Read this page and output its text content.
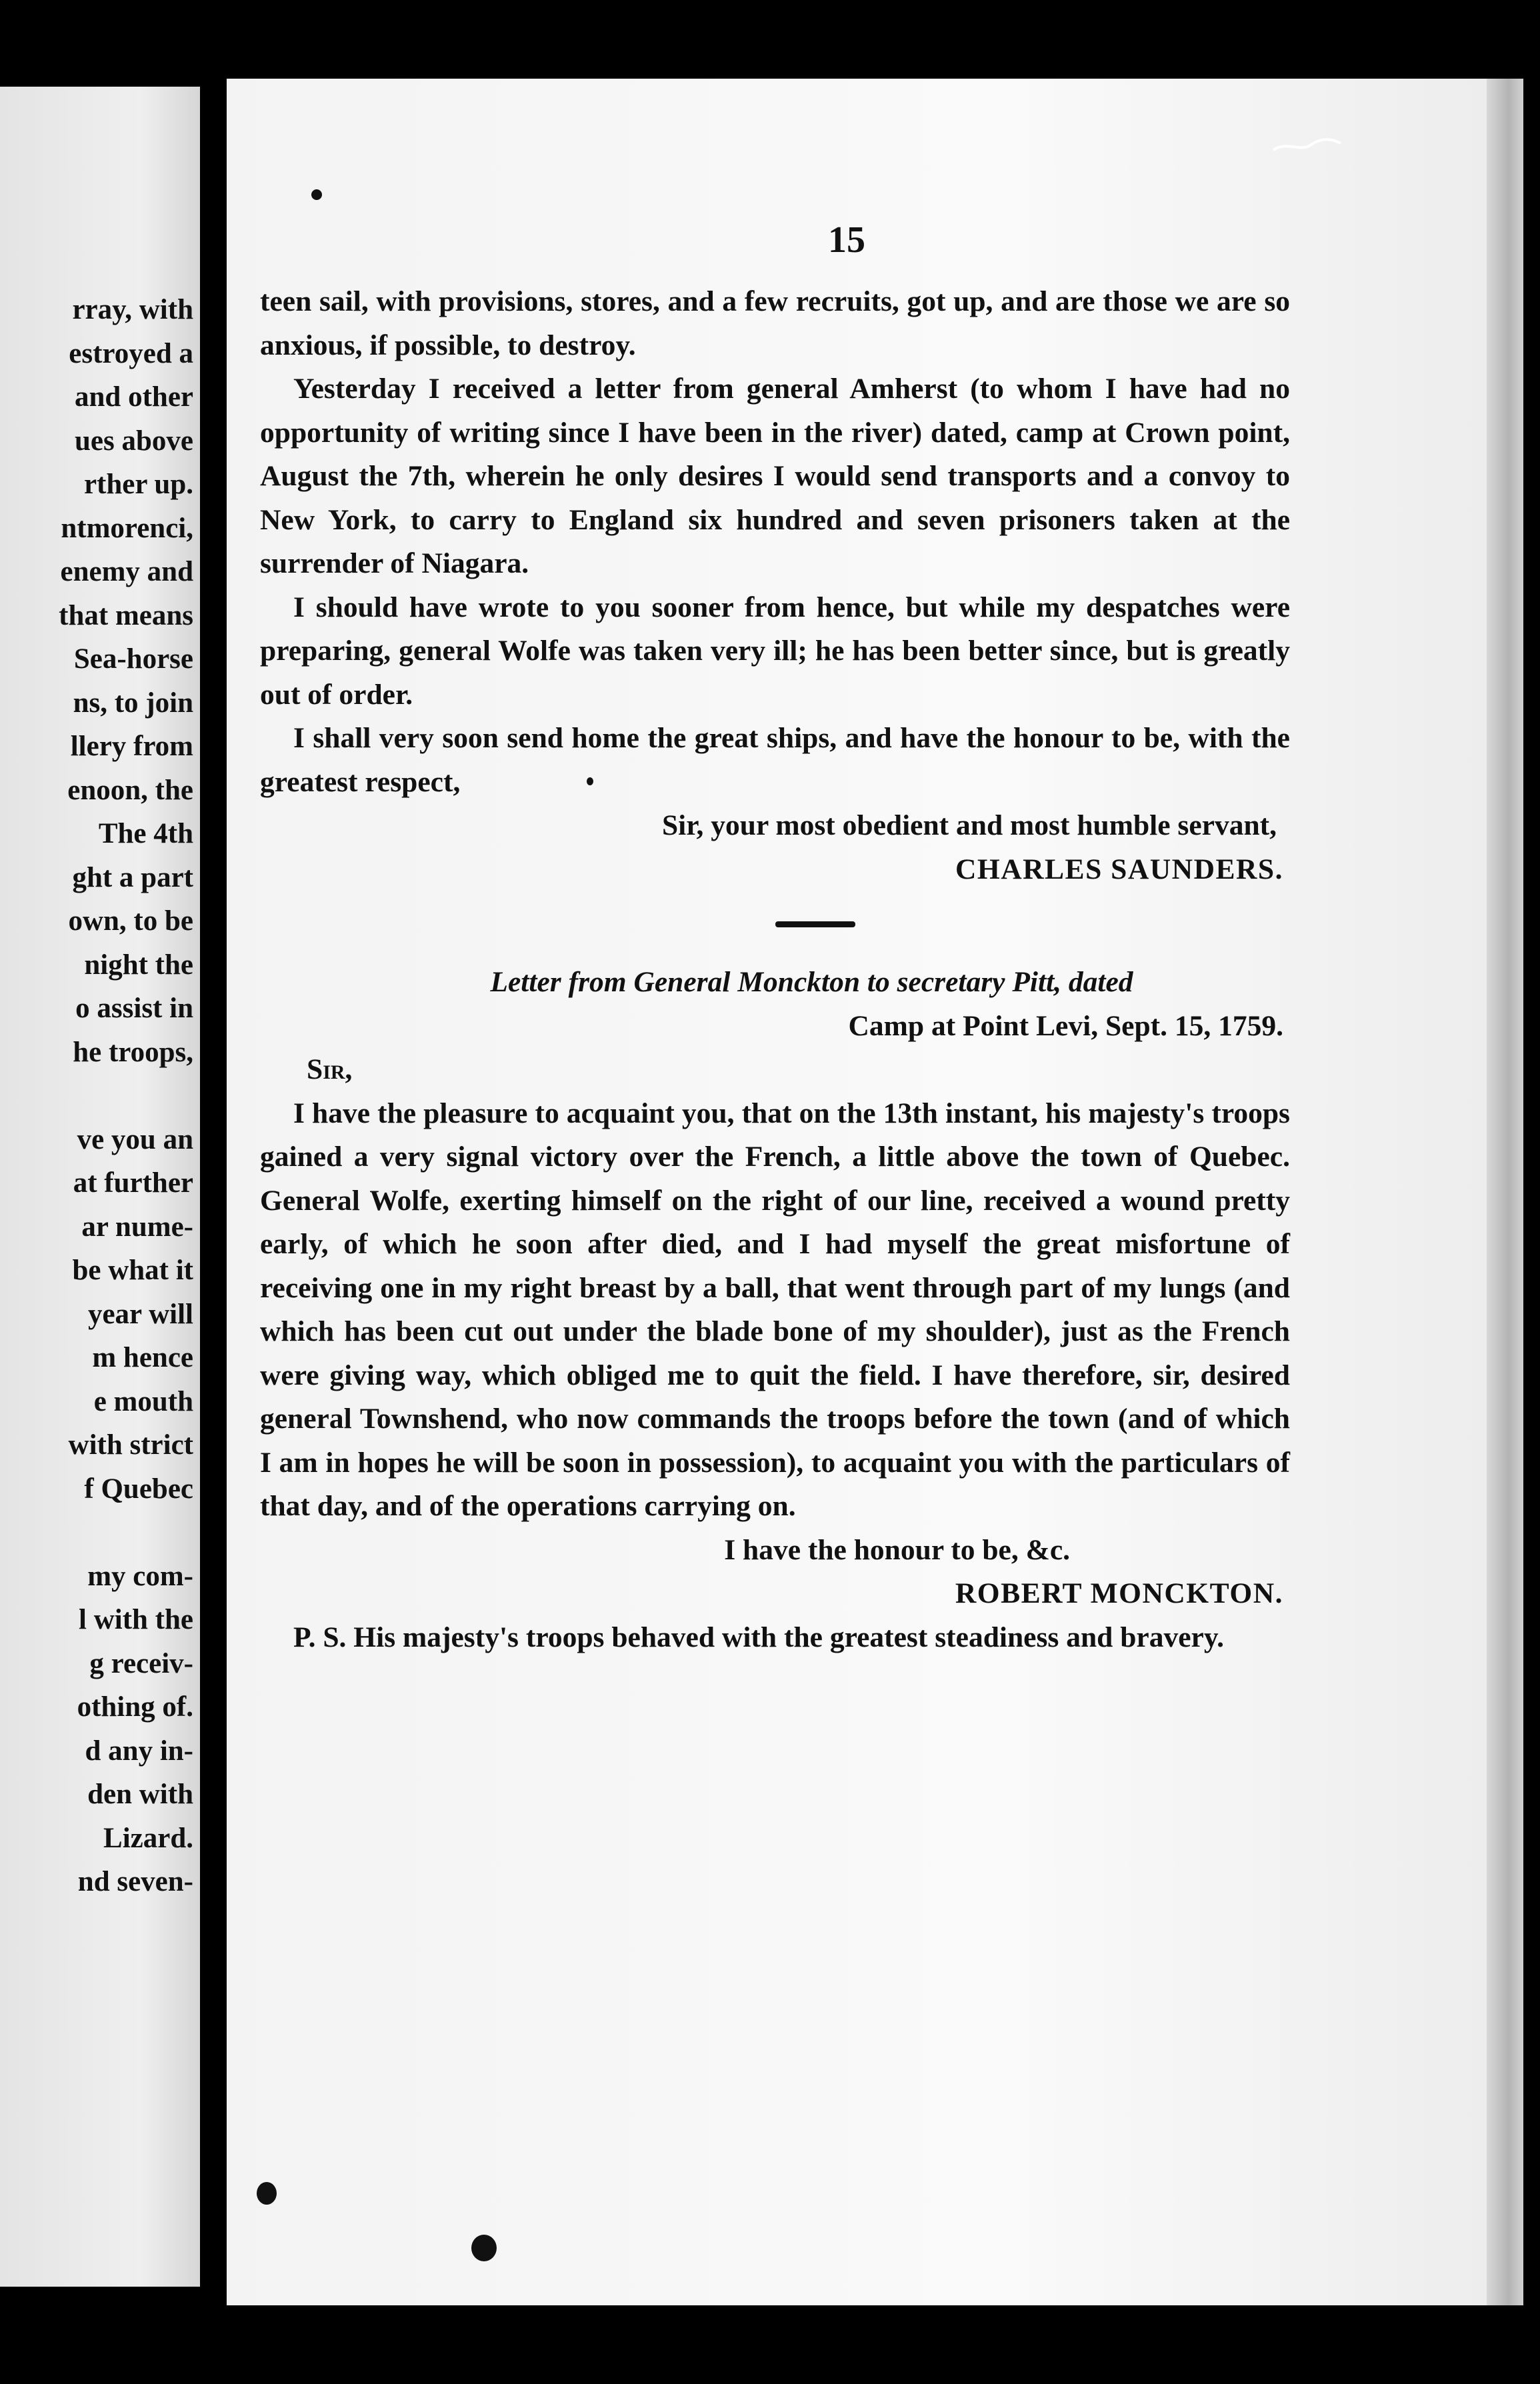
rray, with
estroyed a
and other
ues above
rther up.
ntmorenci,
enemy and
that means
Sea-horse
ns, to join
llery from
enoon, the
The 4th
ght a part
own, to be
night the
o assist in
he troops,
ve you an
at further
ar nume-
be what it
year will
m hence
e mouth
with strict
f Quebec
my com-
l with the
g receiv-
othing of.
d any in-
den with
Lizard.
nd seven-
15

teen sail, with provisions, stores, and a few recruits, got up, and are those we are so anxious, if possible, to destroy.

Yesterday I received a letter from general Amherst (to whom I have had no opportunity of writing since I have been in the river) dated, camp at Crown point, August the 7th, wherein he only desires I would send transports and a convoy to New York, to carry to England six hundred and seven prisoners taken at the surrender of Niagara.

I should have wrote to you sooner from hence, but while my despatches were preparing, general Wolfe was taken very ill; he has been better since, but is greatly out of order.

I shall very soon send home the great ships, and have the honour to be, with the greatest respect,

Sir, your most obedient and most humble servant,

CHARLES SAUNDERS.

Letter from General Monckton to secretary Pitt, dated

Camp at Point Levi, Sept. 15, 1759.

Sir,

I have the pleasure to acquaint you, that on the 13th instant, his majesty's troops gained a very signal victory over the French, a little above the town of Quebec. General Wolfe, exerting himself on the right of our line, received a wound pretty early, of which he soon after died, and I had myself the great misfortune of receiving one in my right breast by a ball, that went through part of my lungs (and which has been cut out under the blade bone of my shoulder), just as the French were giving way, which obliged me to quit the field. I have therefore, sir, desired general Townshend, who now commands the troops before the town (and of which I am in hopes he will be soon in possession), to acquaint you with the particulars of that day, and of the operations carrying on.

I have the honour to be, &c.

ROBERT MONCKTON.

P. S. His majesty's troops behaved with the greatest steadiness and bravery.
